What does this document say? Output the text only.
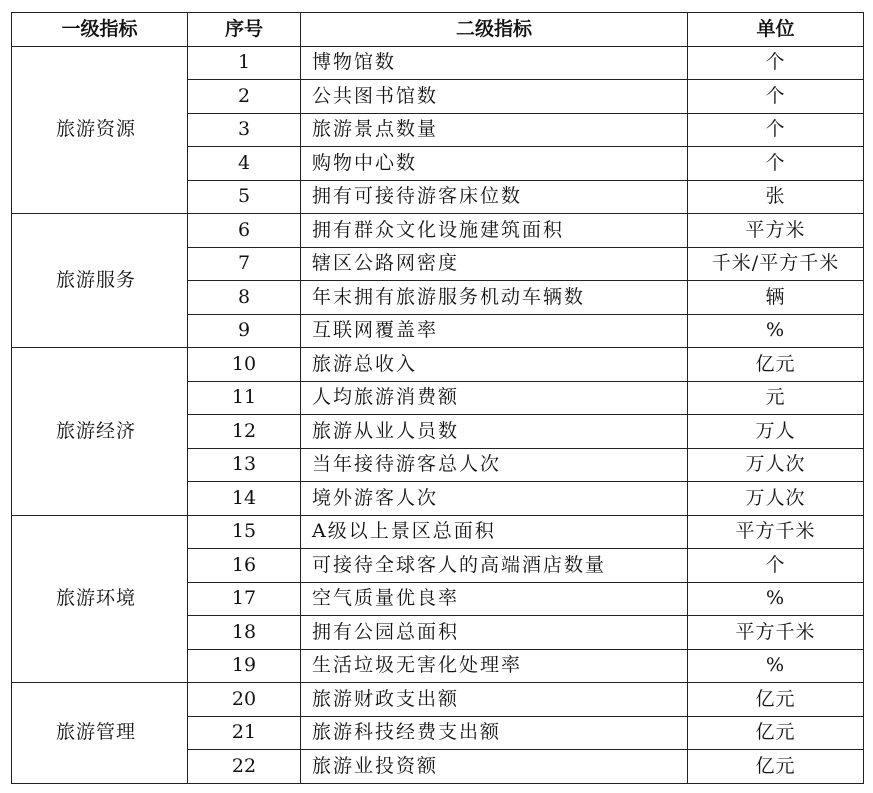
一级指标	序号	二级指标	单位
旅游资源	1	博物馆数	个
	2	公共图书馆数	个
	3	旅游景点数量	个
	4	购物中心数	个
	5	拥有可接待游客床位数	张
旅游服务	6	拥有群众文化设施建筑面积	平方米
	7	辖区公路网密度	千米/平方千米
	8	年末拥有旅游服务机动车辆数	辆
	9	互联网覆盖率	%
旅游经济	10	旅游总收入	亿元
	11	人均旅游消费额	元
	12	旅游从业人员数	万人
	13	当年接待游客总人次	万人次
	14	境外游客人次	万人次
旅游环境	15	A级以上景区总面积	平方千米
	16	可接待全球客人的高端酒店数量	个
	17	空气质量优良率	%
	18	拥有公园总面积	平方千米
	19	生活垃圾无害化处理率	%
旅游管理	20	旅游财政支出额	亿元
	21	旅游科技经费支出额	亿元
	22	旅游业投资额	亿元
